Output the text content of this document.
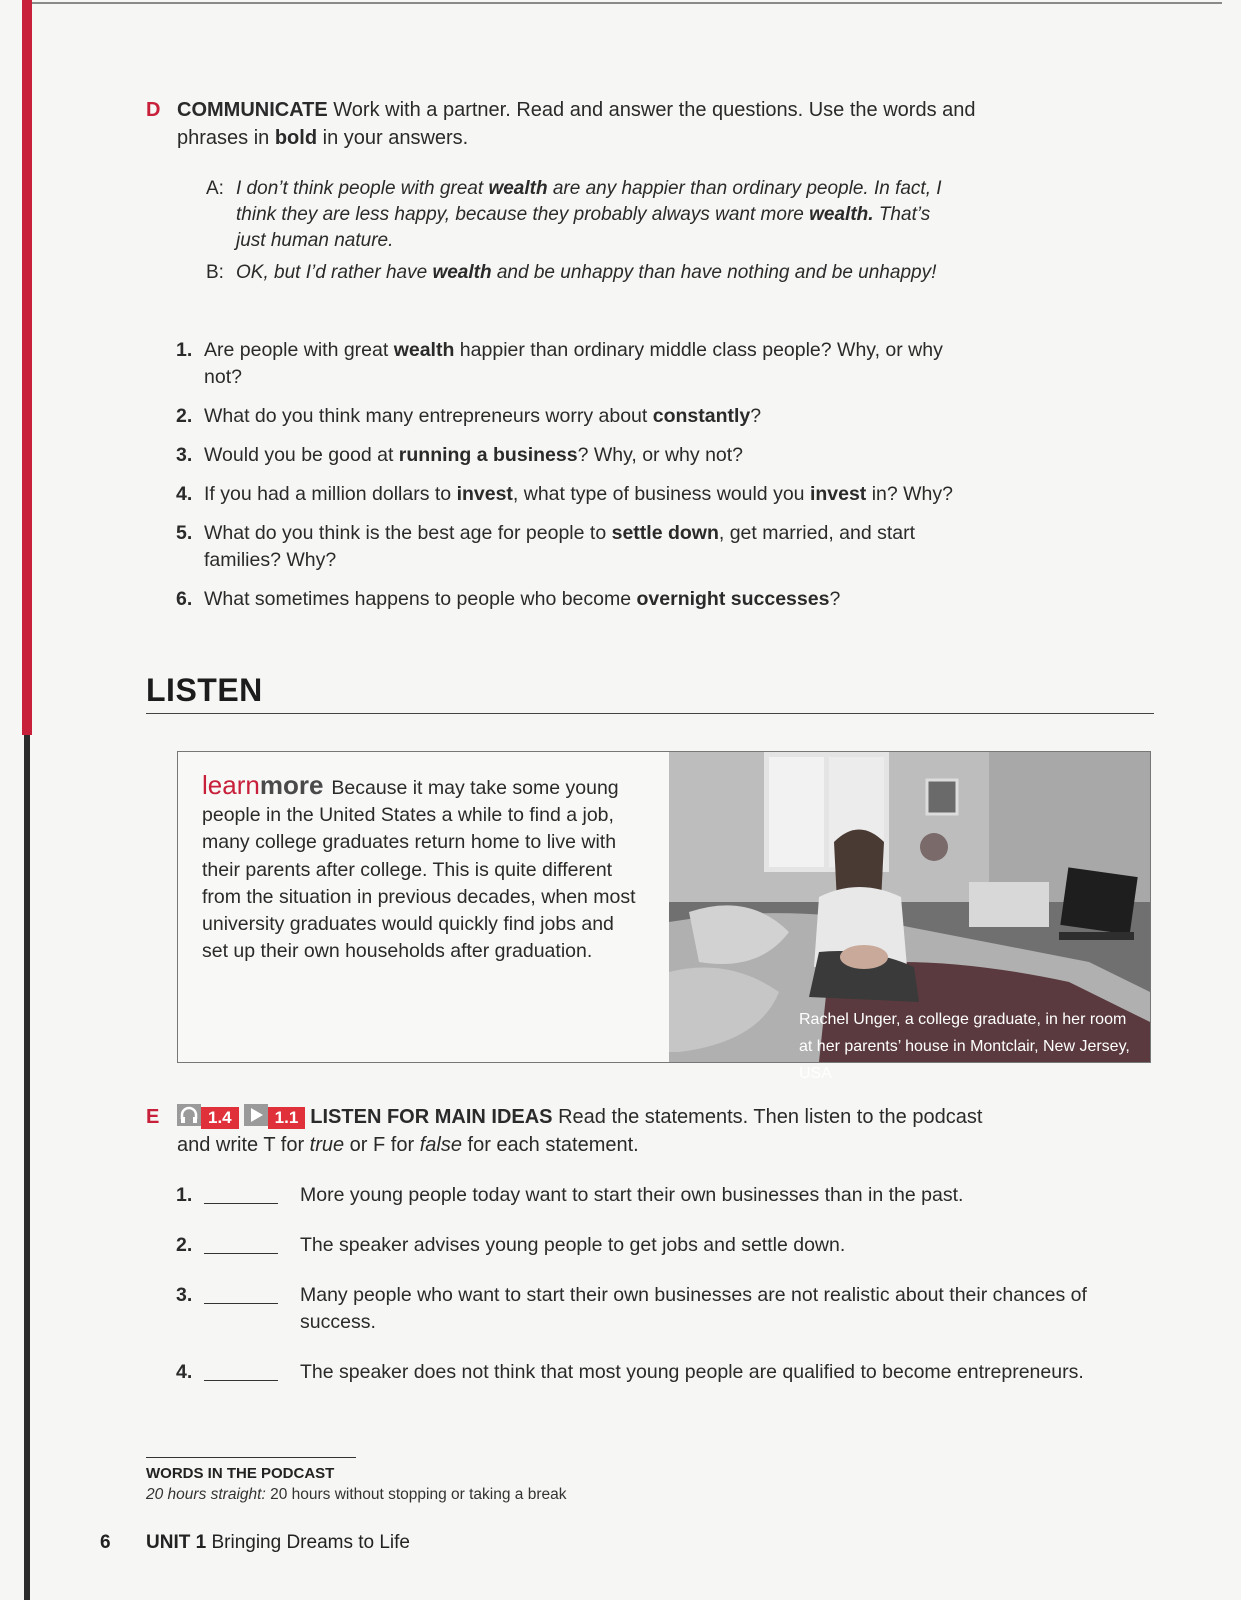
D COMMUNICATE Work with a partner. Read and answer the questions. Use the words and phrases in bold in your answers.
A: I don’t think people with great wealth are any happier than ordinary people. In fact, I think they are less happy, because they probably always want more wealth. That’s just human nature.
B: OK, but I’d rather have wealth and be unhappy than have nothing and be unhappy!
1. Are people with great wealth happier than ordinary middle class people? Why, or why not?
2. What do you think many entrepreneurs worry about constantly?
3. Would you be good at running a business? Why, or why not?
4. If you had a million dollars to invest, what type of business would you invest in? Why?
5. What do you think is the best age for people to settle down, get married, and start families? Why?
6. What sometimes happens to people who become overnight successes?
LISTEN
learnmore Because it may take some young people in the United States a while to find a job, many college graduates return home to live with their parents after college. This is quite different from the situation in previous decades, when most university graduates would quickly find jobs and set up their own households after graduation.
Rachel Unger, a college graduate, in her room at her parents’ house in Montclair, New Jersey, USA
E	1.4	1.1 LISTEN FOR MAIN IDEAS Read the statements. Then listen to the podcast and write T for true or F for false for each statement.
1.	More young people today want to start their own businesses than in the past.
2.	The speaker advises young people to get jobs and settle down.
3.	Many people who want to start their own businesses are not realistic about their chances of success.
4.	The speaker does not think that most young people are qualified to become entrepreneurs.
WORDS IN THE PODCAST
20 hours straight: 20 hours without stopping or taking a break
6 UNIT 1 Bringing Dreams to Life
